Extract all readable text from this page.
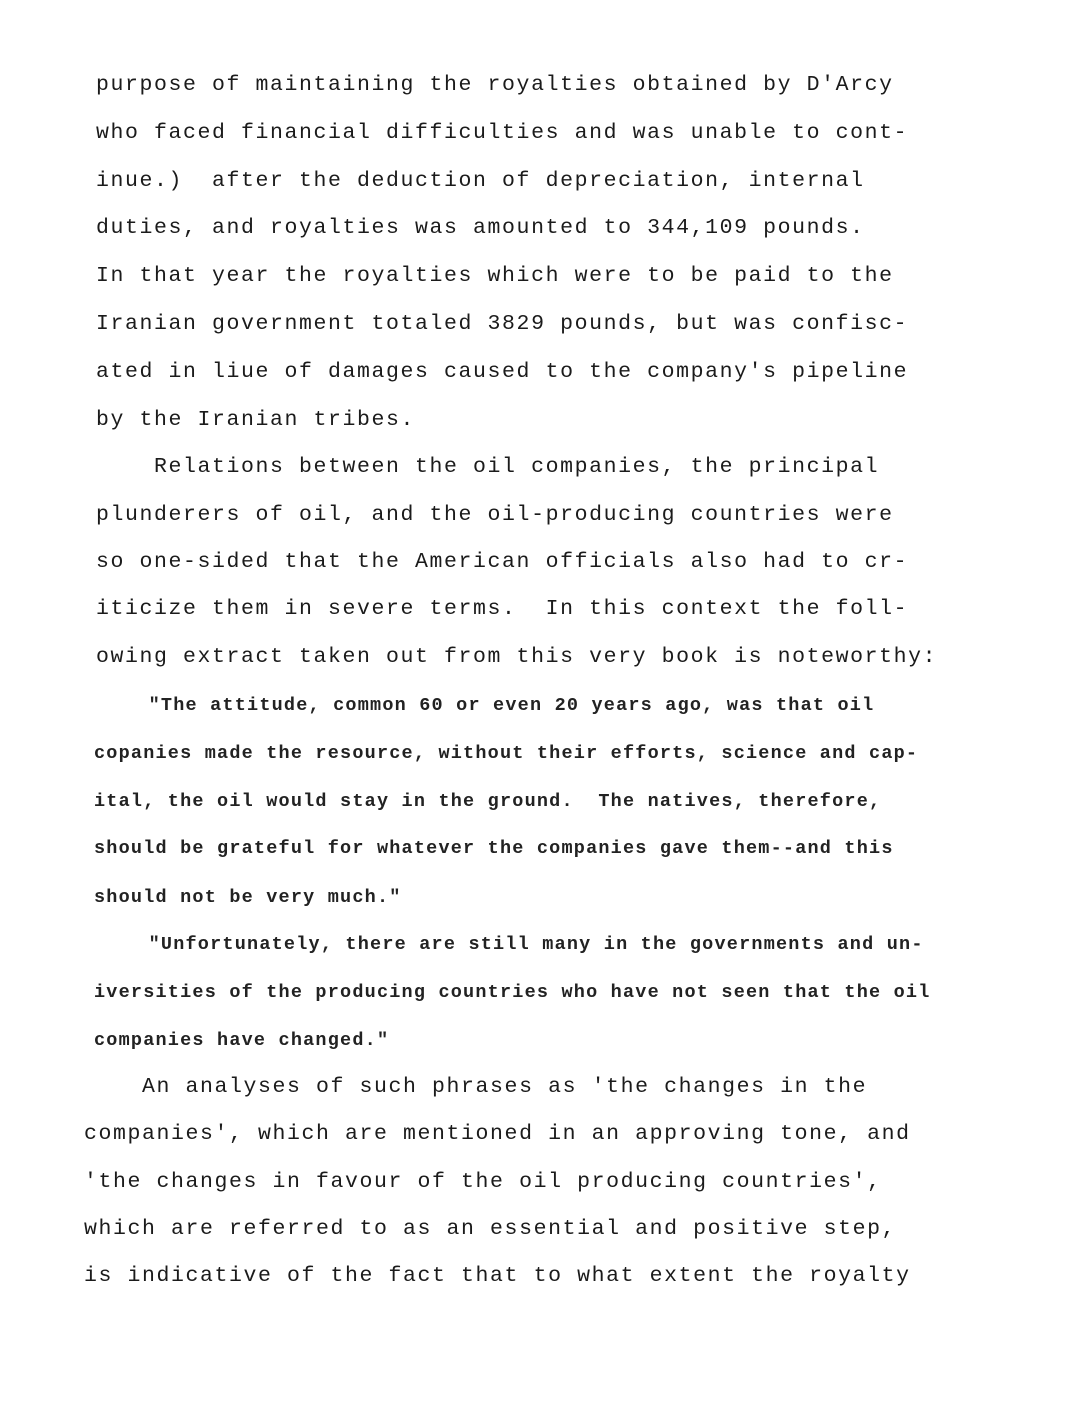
purpose of maintaining the royalties obtained by D'Arcy
who faced financial difficulties and was unable to cont-
inue.)  after the deduction of depreciation, internal
duties, and royalties was amounted to 344,109 pounds.
In that year the royalties which were to be paid to the
Iranian government totaled 3829 pounds, but was confisc-
ated in liue of damages caused to the company's pipeline
by the Iranian tribes.
Relations between the oil companies, the principal
plunderers of oil, and the oil-producing countries were
so one-sided that the American officials also had to cr-
iticize them in severe terms.  In this context the foll-
owing extract taken out from this very book is noteworthy:
"The attitude, common 60 or even 20 years ago, was that oil
copanies made the resource, without their efforts, science and cap-
ital, the oil would stay in the ground.  The natives, therefore,
should be grateful for whatever the companies gave them--and this
should not be very much."
"Unfortunately, there are still many in the governments and un-
iversities of the producing countries who have not seen that the oil
companies have changed."
An analyses of such phrases as 'the changes in the
companies', which are mentioned in an approving tone, and
'the changes in favour of the oil producing countries',
which are referred to as an essential and positive step,
is indicative of the fact that to what extent the royalty
